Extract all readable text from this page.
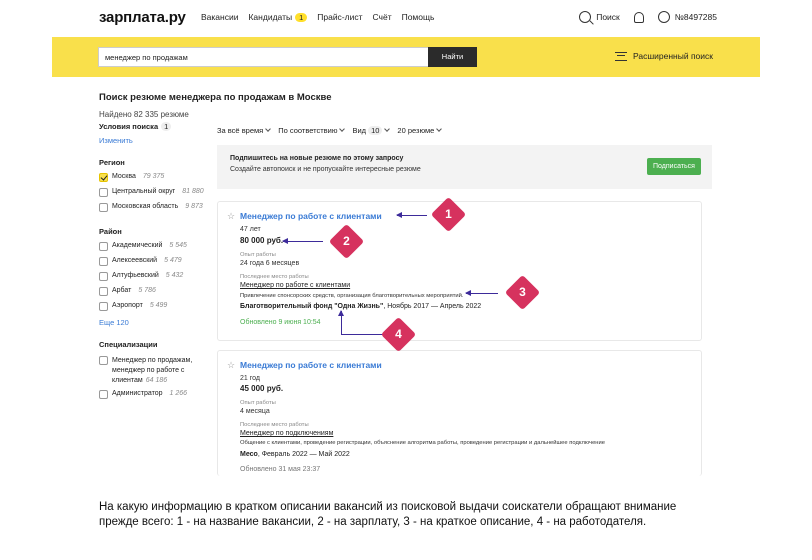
зарплата.ру Вакансии Кандидаты 1	Прайс-лист Счёт Помощь	Поиск	№8497285
менеджер по продажам	Найти	Расширенный поиск
Поиск резюме менеджера по продажам в Москве
Найдено 82 335 резюме
Условия поиска 1
Изменить
Регион
Москва 79 375
Центральный округ 81 880
Московская область 9 873
Район
Академический 5 545
Алексеевский 5 479
Алтуфьевский 5 432
Арбат 5 786
Аэропорт 5 499
Еще 120
Специализации
Менеджер по продажам,
менеджер по работе с
клиентам 64 186
Администратор 1 266
За всё время	По соответствию	Вид 10	20 резюме
Подпишитесь на новые резюме по этому запросу
Создайте автопоиск и не пропускайте интересные резюме	Подписаться
☆ Менеджер по работе с клиентами
47 лет
80 000 руб.
Опыт работы
24 года 6 месяцев
Последнее место работы
Менеджер по работе с клиентами
Привлечение спонсорских средств, организация благотворительных мероприятий.
Благотворительный фонд "Одна Жизнь", Ноябрь 2017 — Апрель 2022
Обновлено 9 июня 10:54
☆ Менеджер по работе с клиентами
21 год
45 000 руб.
Опыт работы
4 месяца
Последнее место работы
Менеджер по подключениям
Общение с клиентами, проведение регистрации, объяснение алгоритма работы, проведение регистрации и дальнейшее подключение
Месо, Февраль 2022 — Май 2022
Обновлено 31 мая 23:37
1
2
3
4
На какую информацию в кратком описании вакансий из поисковой выдачи соискатели обращают внимание прежде всего: 1 - на название вакансии, 2 - на зарплату, 3 - на краткое описание, 4 - на работодателя.
